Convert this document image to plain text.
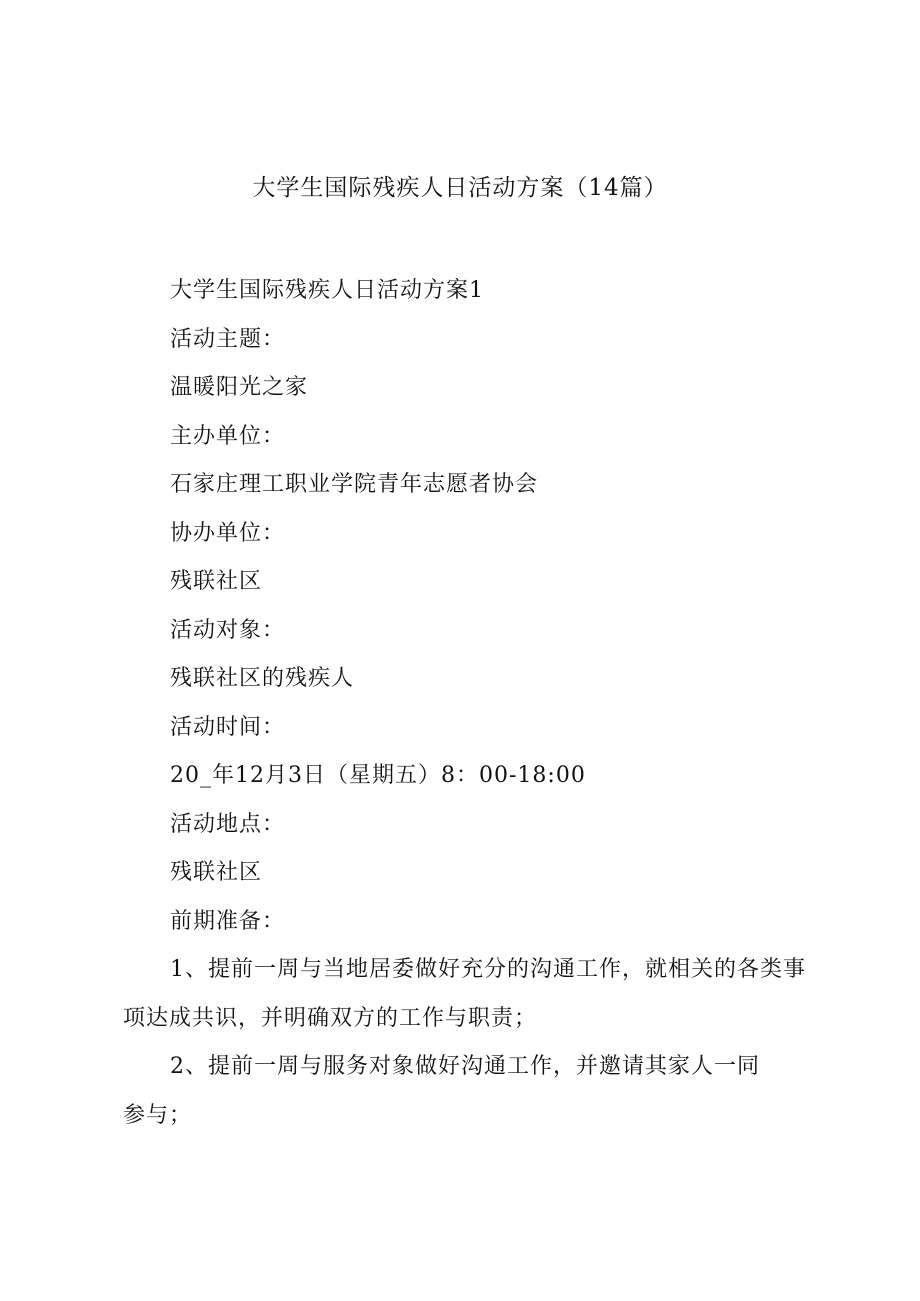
大学生国际残疾人日活动方案（14篇）

大学生国际残疾人日活动方案1

活动主题：

温暖阳光之家

主办单位：

石家庄理工职业学院青年志愿者协会

协办单位：

残联社区

活动对象：

残联社区的残疾人

活动时间：

20_年12月3日（星期五）8：00-18:00

活动地点：

残联社区

前期准备：

1、提前一周与当地居委做好充分的沟通工作，就相关的各类事
项达成共识，并明确双方的工作与职责；

2、提前一周与服务对象做好沟通工作，并邀请其家人一同
参与；
